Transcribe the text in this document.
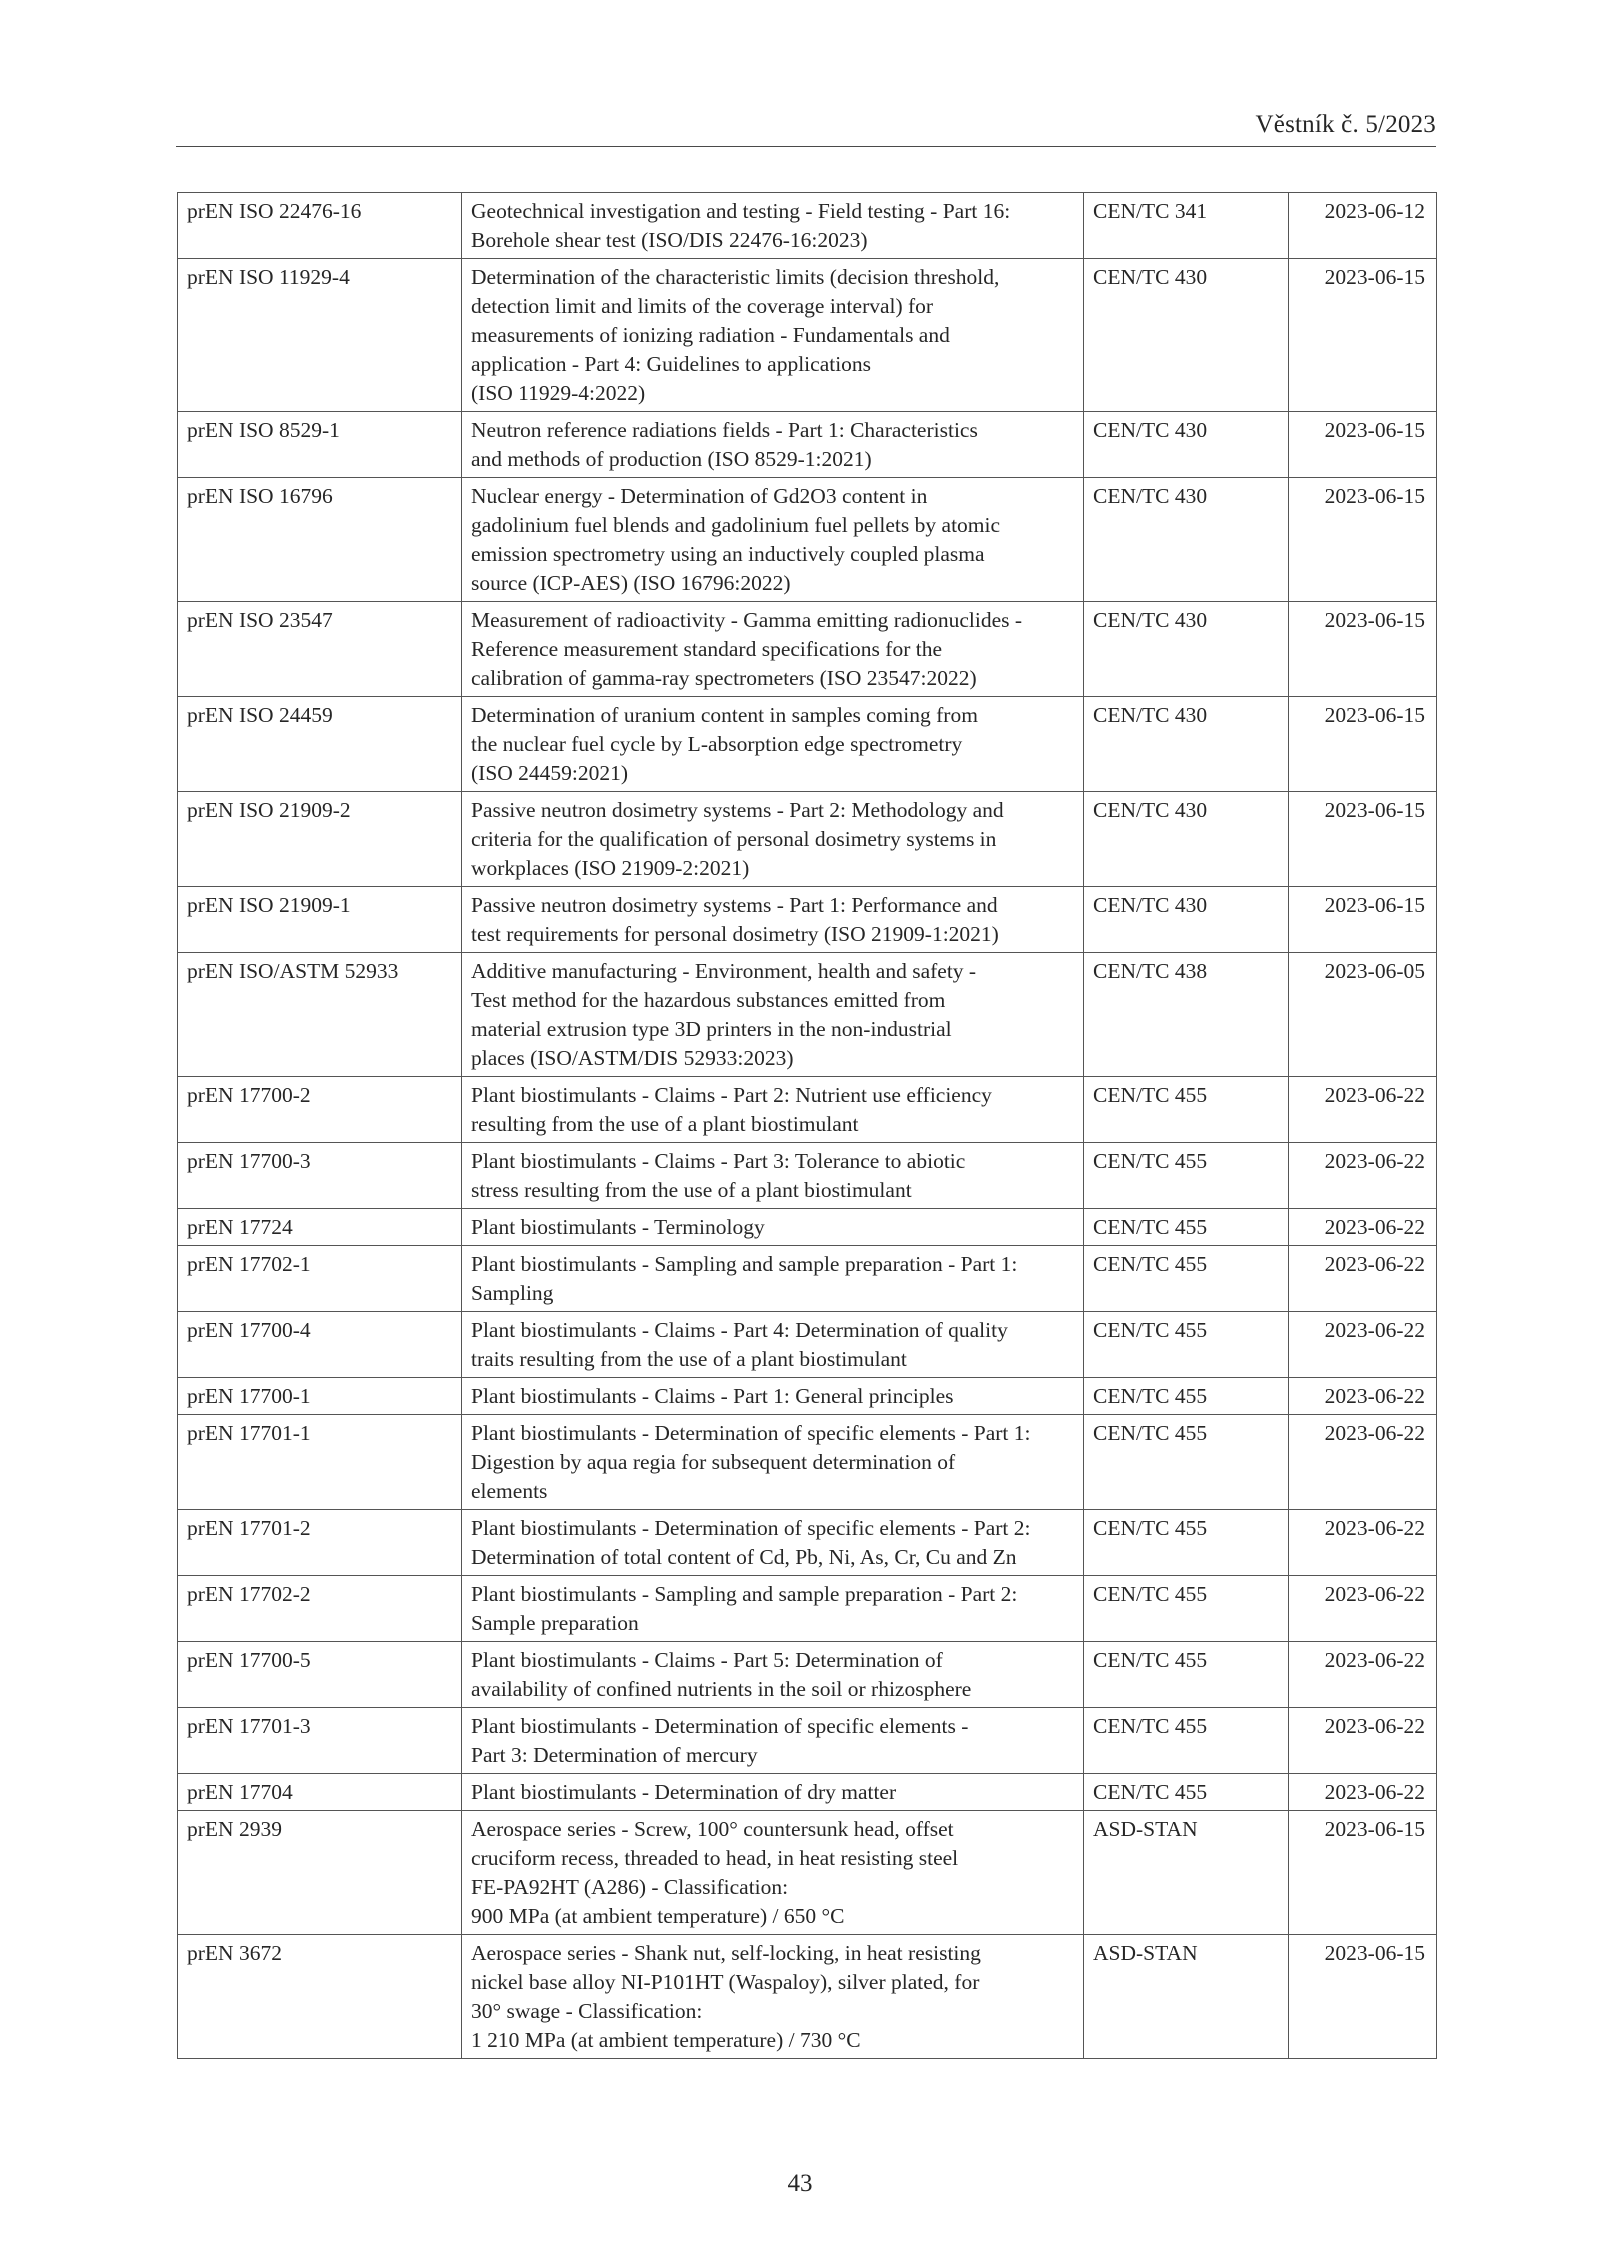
Věstník č. 5/2023
prEN ISO 22476-16	Geotechnical investigation and testing - Field testing - Part 16:
Borehole shear test (ISO/DIS 22476-16:2023)	CEN/TC 341	2023-06-12
prEN ISO 11929-4	Determination of the characteristic limits (decision threshold,
detection limit and limits of the coverage interval) for
measurements of ionizing radiation - Fundamentals and
application - Part 4: Guidelines to applications
(ISO 11929-4:2022)	CEN/TC 430	2023-06-15
prEN ISO 8529-1	Neutron reference radiations fields - Part 1: Characteristics
and methods of production (ISO 8529-1:2021)	CEN/TC 430	2023-06-15
prEN ISO 16796	Nuclear energy - Determination of Gd2O3 content in
gadolinium fuel blends and gadolinium fuel pellets by atomic
emission spectrometry using an inductively coupled plasma
source (ICP-AES) (ISO 16796:2022)	CEN/TC 430	2023-06-15
prEN ISO 23547	Measurement of radioactivity - Gamma emitting radionuclides -
Reference measurement standard specifications for the
calibration of gamma-ray spectrometers (ISO 23547:2022)	CEN/TC 430	2023-06-15
prEN ISO 24459	Determination of uranium content in samples coming from
the nuclear fuel cycle by L-absorption edge spectrometry
(ISO 24459:2021)	CEN/TC 430	2023-06-15
prEN ISO 21909-2	Passive neutron dosimetry systems - Part 2: Methodology and
criteria for the qualification of personal dosimetry systems in
workplaces (ISO 21909-2:2021)	CEN/TC 430	2023-06-15
prEN ISO 21909-1	Passive neutron dosimetry systems - Part 1: Performance and
test requirements for personal dosimetry (ISO 21909-1:2021)	CEN/TC 430	2023-06-15
prEN ISO/ASTM 52933	Additive manufacturing - Environment, health and safety -
Test method for the hazardous substances emitted from
material extrusion type 3D printers in the non-industrial
places (ISO/ASTM/DIS 52933:2023)	CEN/TC 438	2023-06-05
prEN 17700-2	Plant biostimulants - Claims - Part 2: Nutrient use efficiency
resulting from the use of a plant biostimulant	CEN/TC 455	2023-06-22
prEN 17700-3	Plant biostimulants - Claims - Part 3: Tolerance to abiotic
stress resulting from the use of a plant biostimulant	CEN/TC 455	2023-06-22
prEN 17724	Plant biostimulants - Terminology	CEN/TC 455	2023-06-22
prEN 17702-1	Plant biostimulants - Sampling and sample preparation - Part 1:
Sampling	CEN/TC 455	2023-06-22
prEN 17700-4	Plant biostimulants - Claims - Part 4: Determination of quality
traits resulting from the use of a plant biostimulant	CEN/TC 455	2023-06-22
prEN 17700-1	Plant biostimulants - Claims - Part 1: General principles	CEN/TC 455	2023-06-22
prEN 17701-1	Plant biostimulants - Determination of specific elements - Part 1:
Digestion by aqua regia for subsequent determination of
elements	CEN/TC 455	2023-06-22
prEN 17701-2	Plant biostimulants - Determination of specific elements - Part 2:
Determination of total content of Cd, Pb, Ni, As, Cr, Cu and Zn	CEN/TC 455	2023-06-22
prEN 17702-2	Plant biostimulants - Sampling and sample preparation - Part 2:
Sample preparation	CEN/TC 455	2023-06-22
prEN 17700-5	Plant biostimulants - Claims - Part 5: Determination of
availability of confined nutrients in the soil or rhizosphere	CEN/TC 455	2023-06-22
prEN 17701-3	Plant biostimulants - Determination of specific elements -
Part 3: Determination of mercury	CEN/TC 455	2023-06-22
prEN 17704	Plant biostimulants - Determination of dry matter	CEN/TC 455	2023-06-22
prEN 2939	Aerospace series - Screw, 100° countersunk head, offset
cruciform recess, threaded to head, in heat resisting steel
FE-PA92HT (A286) - Classification:
900 MPa (at ambient temperature) / 650 °C	ASD-STAN	2023-06-15
prEN 3672	Aerospace series - Shank nut, self-locking, in heat resisting
nickel base alloy NI-P101HT (Waspaloy), silver plated, for
30° swage - Classification:
1 210 MPa (at ambient temperature) / 730 °C	ASD-STAN	2023-06-15
43
